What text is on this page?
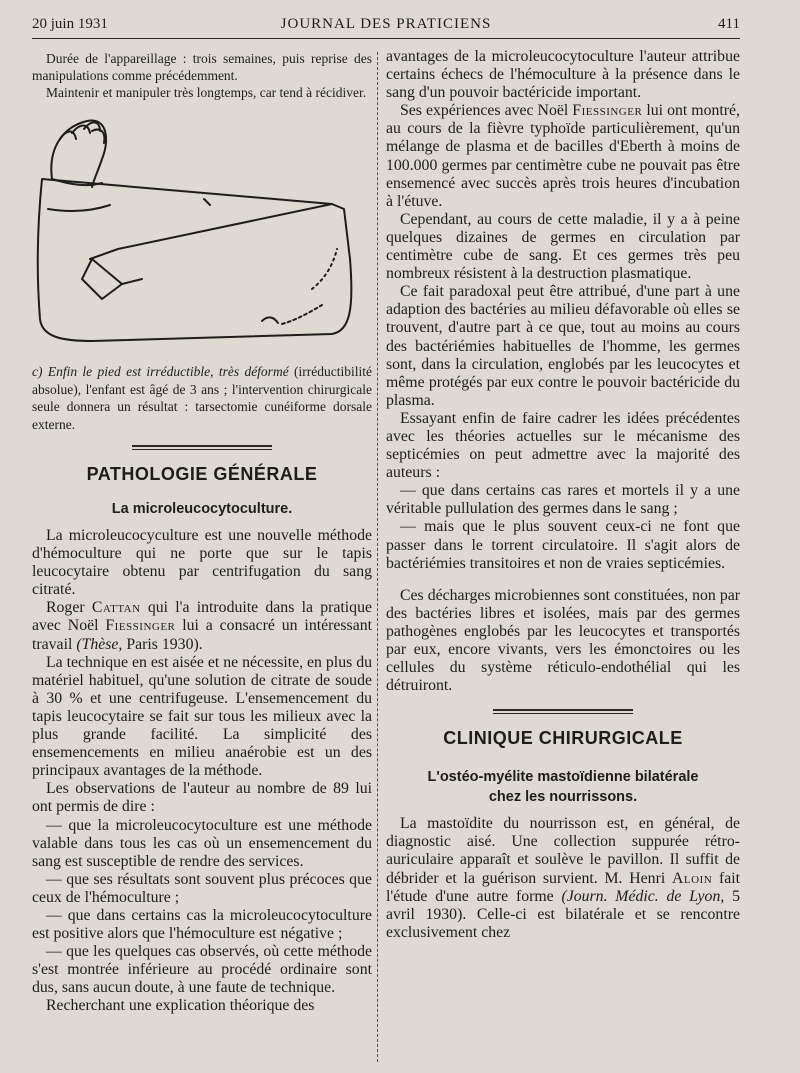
20 juin 1931	JOURNAL DES PRATICIENS	411

Durée de l'appareillage : trois semaines, puis reprise des manipulations comme précédemment.

Maintenir et manipuler très longtemps, car tend à récidiver.

c) Enfin le pied est irréductible, très déformé (irréductibilité absolue), l'enfant est âgé de 3 ans ; l'intervention chirurgicale seule donnera un résultat : tarsectomie cunéiforme dorsale externe.

PATHOLOGIE GÉNÉRALE
La microleucocytoculture.

La microleucocyculture est une nouvelle méthode d'hémoculture qui ne porte que sur le tapis leucocytaire obtenu par centrifugation du sang citraté.

Roger Cattan qui l'a introduite dans la pratique avec Noël Fiessinger lui a consacré un intéressant travail (Thèse, Paris 1930).

La technique en est aisée et ne nécessite, en plus du matériel habituel, qu'une solution de citrate de soude à 30 % et une centrifugeuse. L'ensemencement du tapis leucocytaire se fait sur tous les milieux avec la plus grande facilité. La simplicité des ensemencements en milieu anaérobie est un des principaux avantages de la méthode.

Les observations de l'auteur au nombre de 89 lui ont permis de dire :

— que la microleucocytoculture est une méthode valable dans tous les cas où un ensemencement du sang est susceptible de rendre des services.

— que ses résultats sont souvent plus précoces que ceux de l'hémoculture ;

— que dans certains cas la microleucocytoculture est positive alors que l'hémoculture est négative ;

— que les quelques cas observés, où cette méthode s'est montrée inférieure au procédé ordinaire sont dus, sans aucun doute, à une faute de technique.

Recherchant une explication théorique des

avantages de la microleucocytoculture l'auteur attribue certains échecs de l'hémoculture à la présence dans le sang d'un pouvoir bactéricide important.

Ses expériences avec Noël Fiessinger lui ont montré, au cours de la fièvre typhoïde particulièrement, qu'un mélange de plasma et de bacilles d'Eberth à moins de 100.000 germes par centimètre cube ne pouvait pas être ensemencé avec succès après trois heures d'incubation à l'étuve.

Cependant, au cours de cette maladie, il y a à peine quelques dizaines de germes en circulation par centimètre cube de sang. Et ces germes très peu nombreux résistent à la destruction plasmatique.

Ce fait paradoxal peut être attribué, d'une part à une adaption des bactéries au milieu défavorable où elles se trouvent, d'autre part à ce que, tout au moins au cours des bactériémies habituelles de l'homme, les germes sont, dans la circulation, englobés par les leucocytes et même protégés par eux contre le pouvoir bactéricide du plasma.

Essayant enfin de faire cadrer les idées précédentes avec les théories actuelles sur le mécanisme des septicémies on peut admettre avec la majorité des auteurs :

— que dans certains cas rares et mortels il y a une véritable pullulation des germes dans le sang ;

— mais que le plus souvent ceux-ci ne font que passer dans le torrent circulatoire. Il s'agit alors de bactériémies transitoires et non de vraies septicémies.

Ces décharges microbiennes sont constituées, non par des bactéries libres et isolées, mais par des germes pathogènes englobés par les leucocytes et transportés par eux, encore vivants, vers les émonctoires ou les cellules du système réticulo-endothélial qui les détruiront.

CLINIQUE CHIRURGICALE
L'ostéo-myélite mastoïdienne bilatérale
chez les nourrissons.

La mastoïdite du nourrisson est, en général, de diagnostic aisé. Une collection suppurée rétro-auriculaire apparaît et soulève le pavillon. Il suffit de débrider et la guérison survient. M. Henri Aloin fait l'étude d'une autre forme (Journ. Médic. de Lyon, 5 avril 1930). Celle-ci est bilatérale et se rencontre exclusivement chez
